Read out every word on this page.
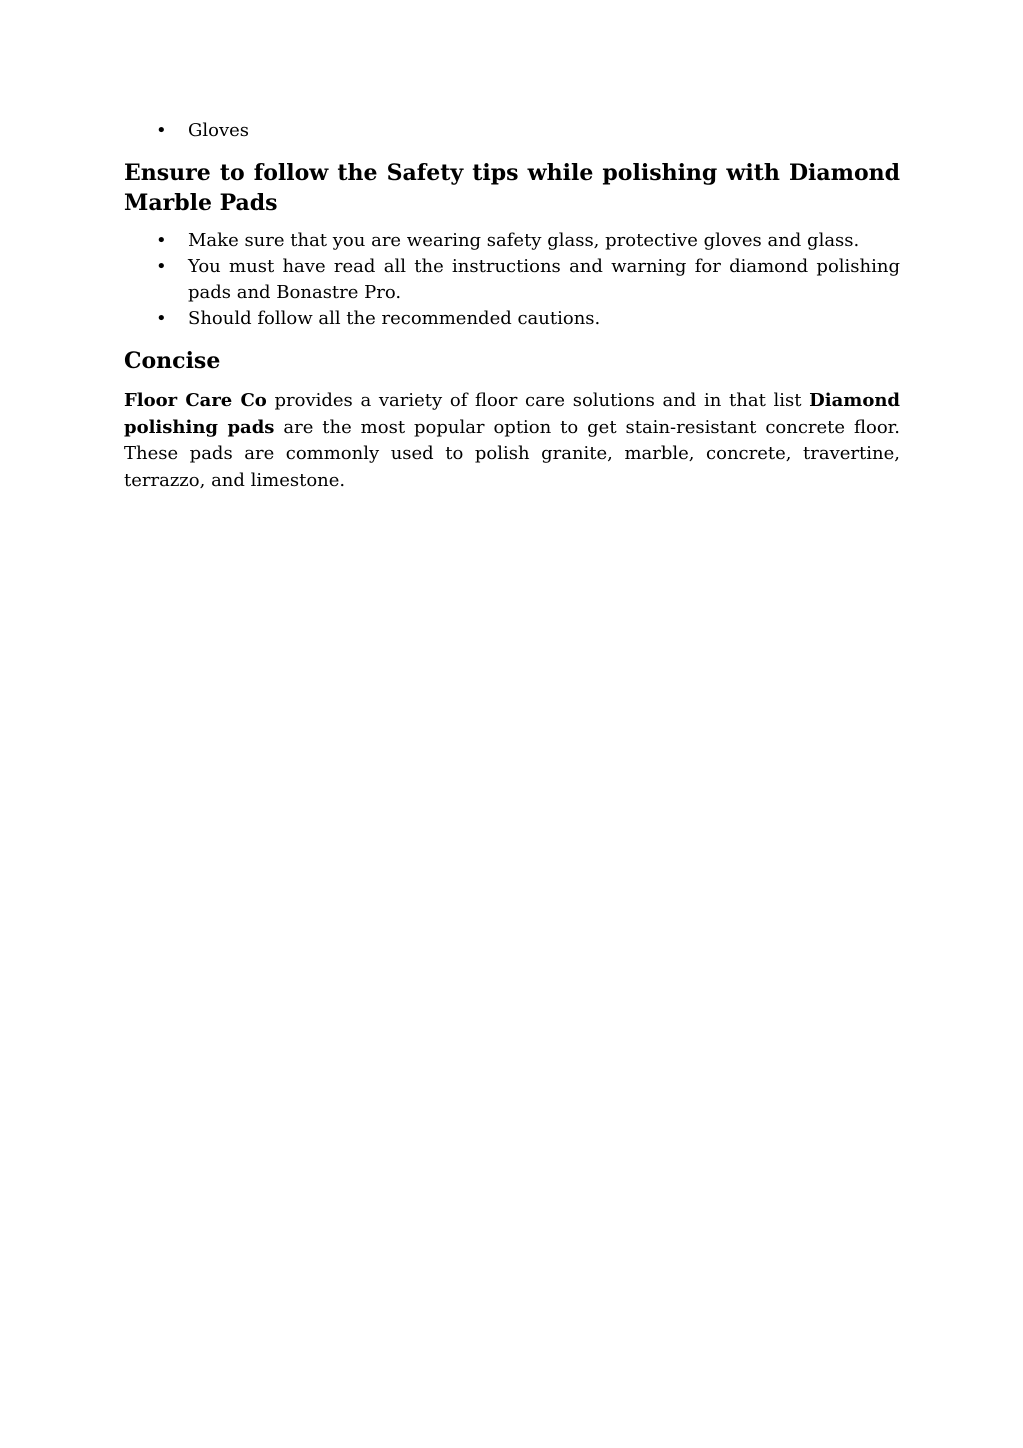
• Gloves
Ensure to follow the Safety tips while polishing with Diamond Marble Pads
• Make sure that you are wearing safety glass, protective gloves and glass.
• You must have read all the instructions and warning for diamond polishing pads and Bonastre Pro.
• Should follow all the recommended cautions.
Concise

Floor Care Co provides a variety of floor care solutions and in that list Diamond polishing pads are the most popular option to get stain-resistant concrete floor. These pads are commonly used to polish granite, marble, concrete, travertine, terrazzo, and limestone.
